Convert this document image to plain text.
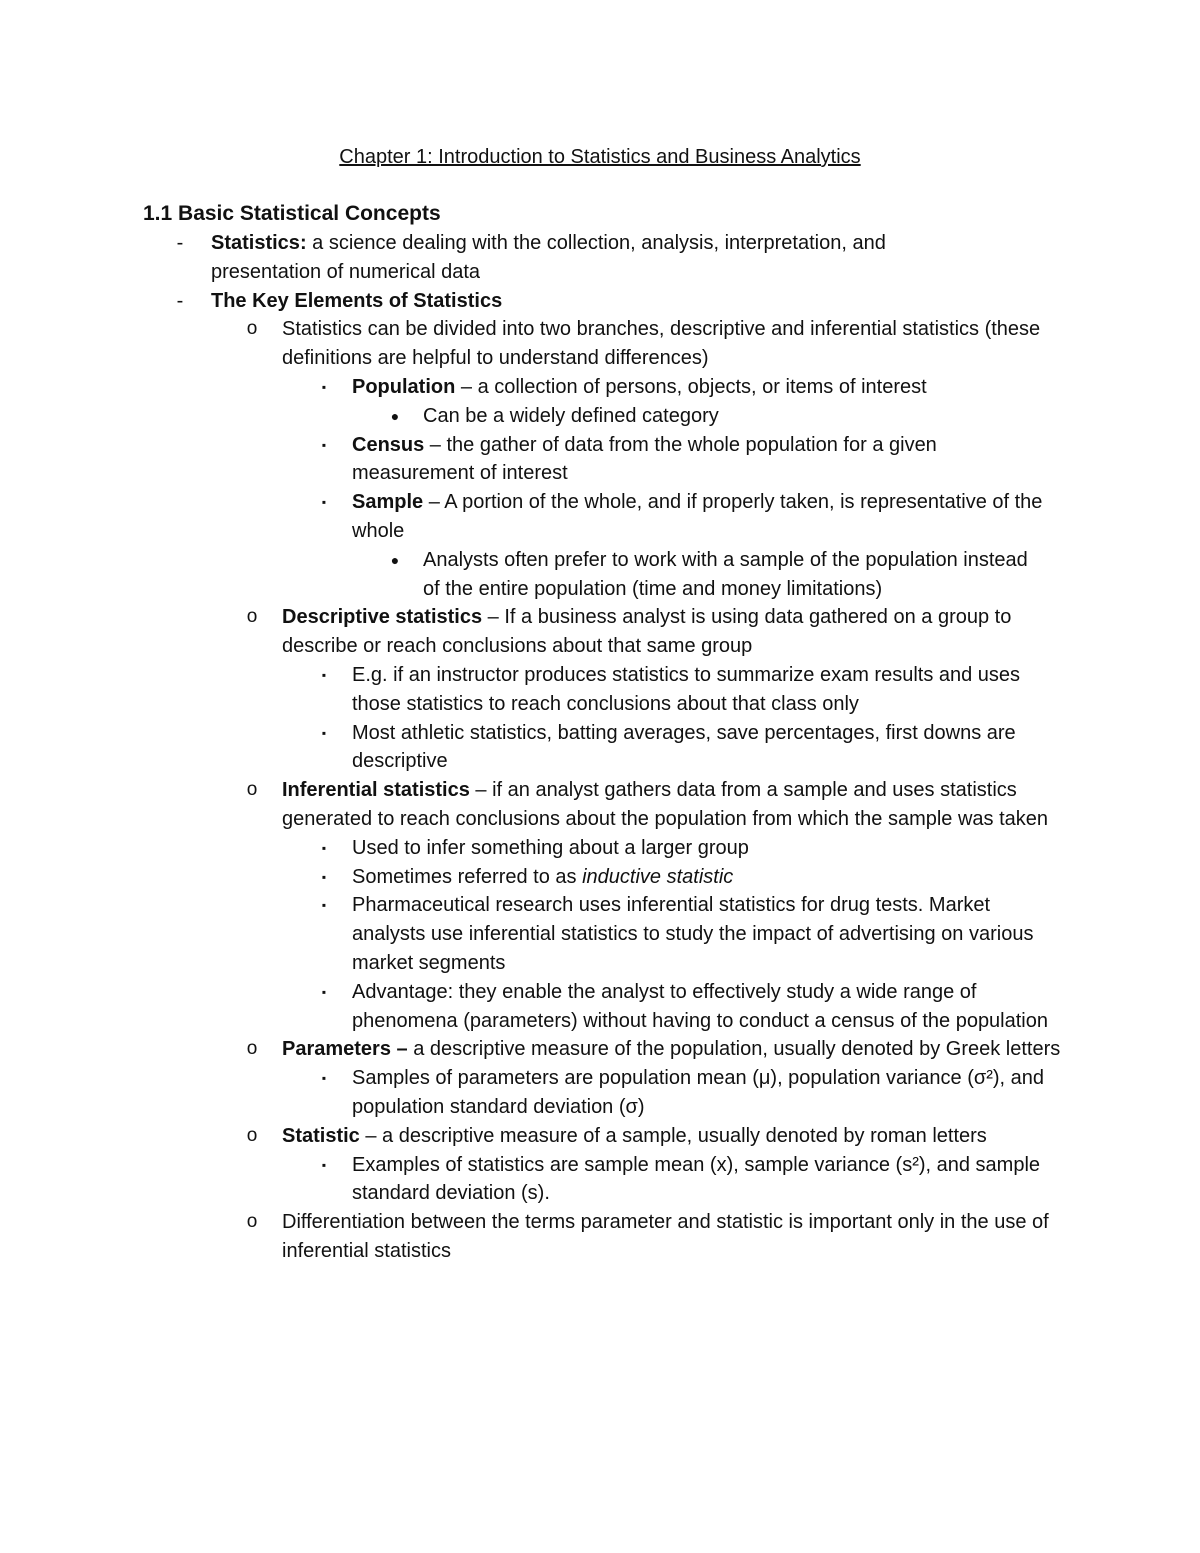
Chapter 1: Introduction to Statistics and Business Analytics
1.1 Basic Statistical Concepts
-	Statistics: a science dealing with the collection, analysis, interpretation, and presentation of numerical data
-	The Key Elements of Statistics
o	Statistics can be divided into two branches, descriptive and inferential statistics (these definitions are helpful to understand differences)
▪	Population – a collection of persons, objects, or items of interest
●	Can be a widely defined category
▪	Census – the gather of data from the whole population for a given measurement of interest
▪	Sample – A portion of the whole, and if properly taken, is representative of the whole
●	Analysts often prefer to work with a sample of the population instead of the entire population (time and money limitations)
o	Descriptive statistics – If a business analyst is using data gathered on a group to describe or reach conclusions about that same group
▪	E.g. if an instructor produces statistics to summarize exam results and uses those statistics to reach conclusions about that class only
▪	Most athletic statistics, batting averages, save percentages, first downs are descriptive
o	Inferential statistics – if an analyst gathers data from a sample and uses statistics generated to reach conclusions about the population from which the sample was taken
▪	Used to infer something about a larger group
▪	Sometimes referred to as inductive statistic
▪	Pharmaceutical research uses inferential statistics for drug tests. Market analysts use inferential statistics to study the impact of advertising on various market segments
▪	Advantage: they enable the analyst to effectively study a wide range of phenomena (parameters) without having to conduct a census of the population
o	Parameters – a descriptive measure of the population, usually denoted by Greek letters
▪	Samples of parameters are population mean (μ), population variance (σ²), and population standard deviation (σ)
o	Statistic – a descriptive measure of a sample, usually denoted by roman letters
▪	Examples of statistics are sample mean (x), sample variance (s²), and sample standard deviation (s).
o	Differentiation between the terms parameter and statistic is important only in the use of inferential statistics
